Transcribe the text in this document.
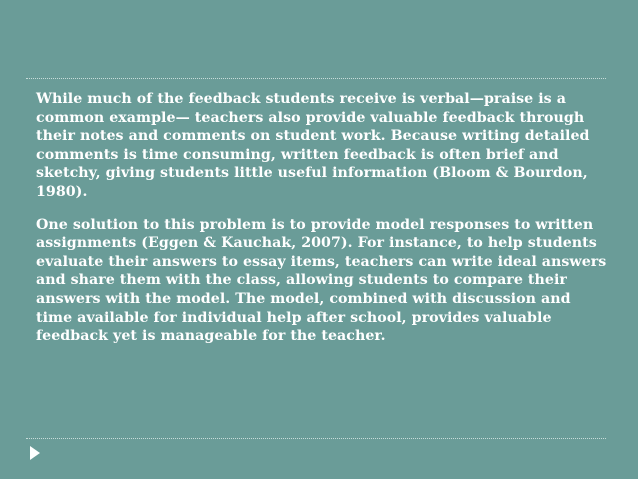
While much of the feedback students receive is verbal—praise is a common example— teachers also provide valuable feedback through their notes and comments on student work. Because writing detailed comments is time consuming, written feedback is often brief and sketchy, giving students little useful information (Bloom & Bourdon, 1980).

One solution to this problem is to provide model responses to written assignments (Eggen & Kauchak, 2007). For instance, to help students evaluate their answers to essay items, teachers can write ideal answers and share them with the class, allowing students to compare their answers with the model. The model, combined with discussion and time available for individual help after school, provides valuable feedback yet is manageable for the teacher.
